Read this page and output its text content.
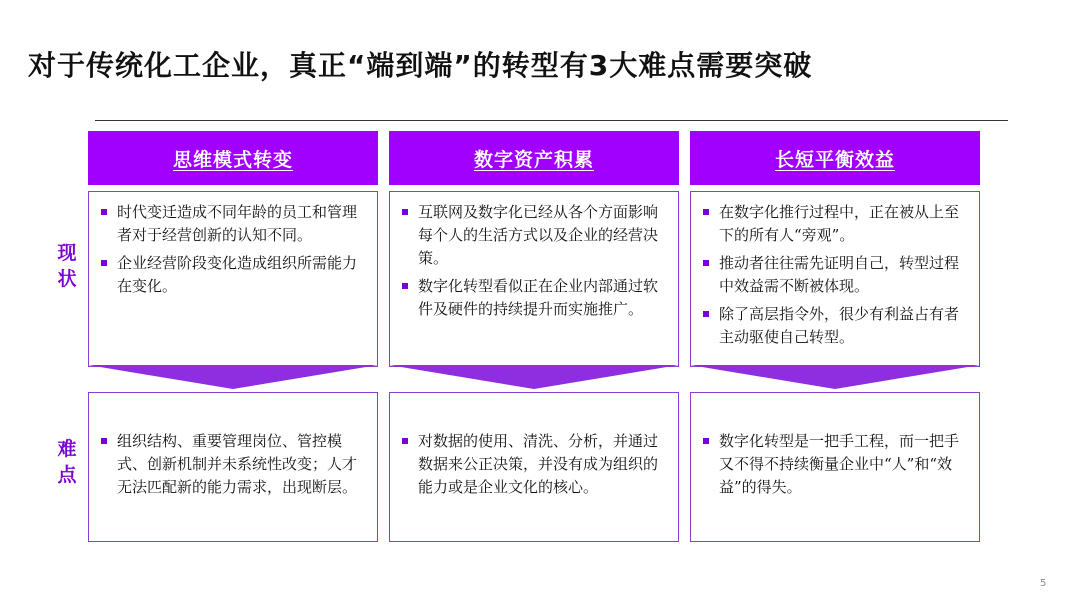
对于传统化工企业，真正“端到端”的转型有3大难点需要突破
现
状
难
点
思维模式转变
时代变迁造成不同年龄的员工和管理者对于经营创新的认知不同。
企业经营阶段变化造成组织所需能力在变化。
组织结构、重要管理岗位、管控模式、创新机制并未系统性改变；人才无法匹配新的能力需求，出现断层。
数字资产积累
互联网及数字化已经从各个方面影响每个人的生活方式以及企业的经营决策。
数字化转型看似正在企业内部通过软件及硬件的持续提升而实施推广。
对数据的使用、清洗、分析，并通过数据来公正决策，并没有成为组织的能力或是企业文化的核心。
长短平衡效益
在数字化推行过程中，正在被从上至下的所有人“旁观”。
推动者往往需先证明自己，转型过程中效益需不断被体现。
除了高层指令外，很少有利益占有者主动驱使自己转型。
数字化转型是一把手工程，而一把手又不得不持续衡量企业中“人”和“效益”的得失。
5
